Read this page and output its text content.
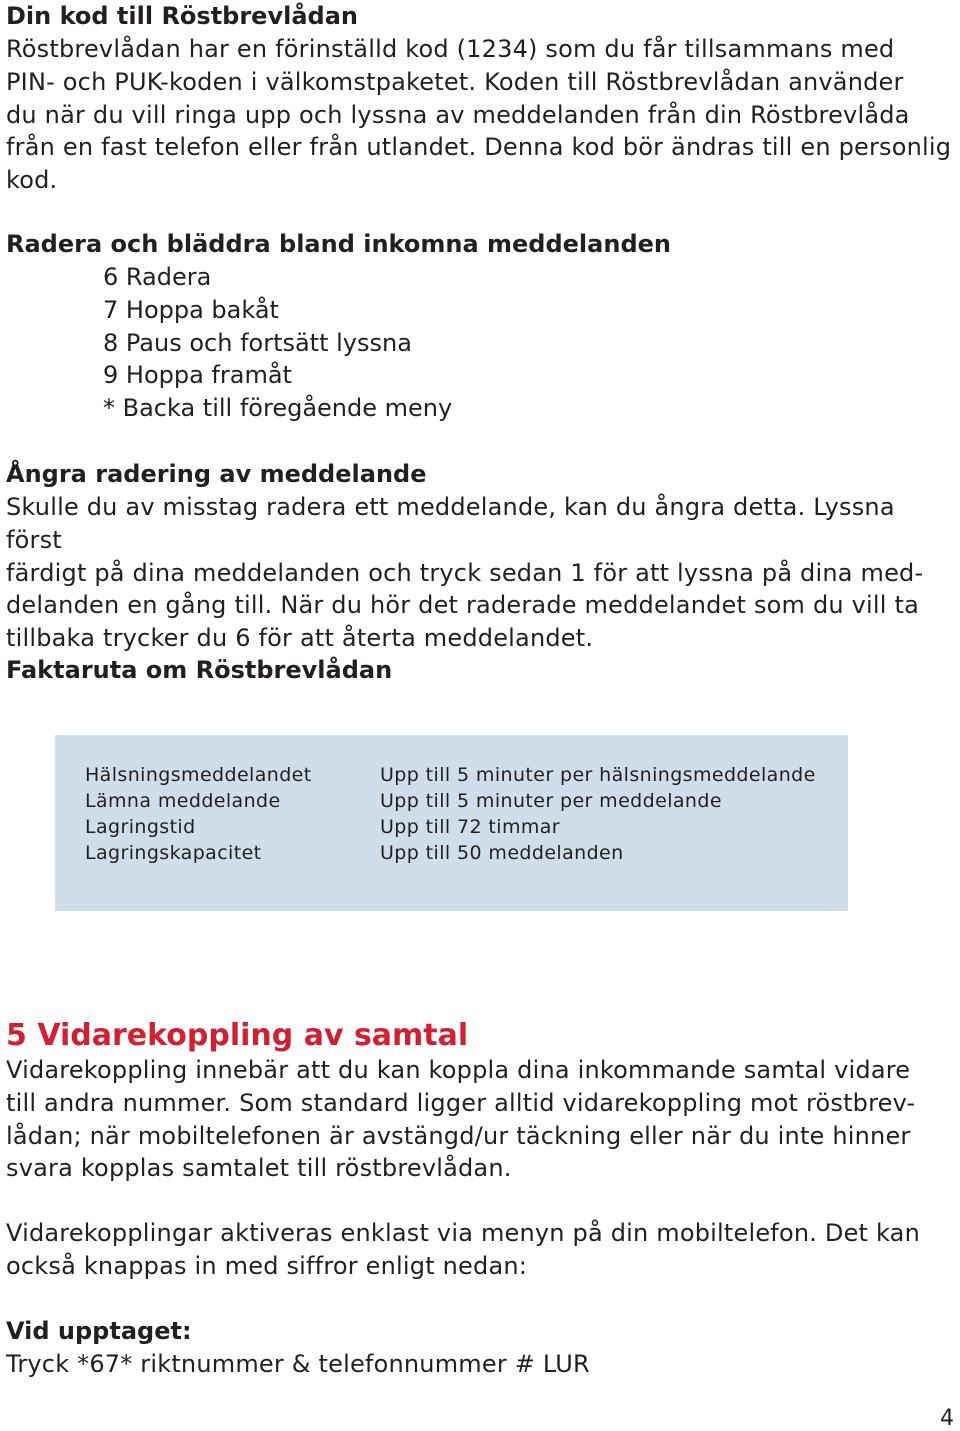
Din kod till Röstbrevlådan

Röstbrevlådan har en förinställd kod (1234) som du får tillsammans med

PIN- och PUK-koden i välkomstpaketet. Koden till Röstbrevlådan använder

du när du vill ringa upp och lyssna av meddelanden från din Röstbrevlåda

från en fast telefon eller från utlandet. Denna kod bör ändras till en personlig

kod.

Radera och bläddra bland inkomna meddelanden
6 Radera
7 Hoppa bakåt
8 Paus och fortsätt lyssna
9 Hoppa framåt
* Backa till föregående meny
Ångra radering av meddelande

Skulle du av misstag radera ett meddelande, kan du ångra detta. Lyssna först

färdigt på dina meddelanden och tryck sedan 1 för att lyssna på dina med-

delanden en gång till. När du hör det raderade meddelandet som du vill ta

tillbaka trycker du 6 för att återta meddelandet.

Faktaruta om Röstbrevlådan
Hälsningsmeddelandet	Upp till 5 minuter per hälsningsmeddelande
Lämna meddelande	Upp till 5 minuter per meddelande
Lagringstid	Upp till 72 timmar
Lagringskapacitet	Upp till 50 meddelanden
5 Vidarekoppling av samtal

Vidarekoppling innebär att du kan koppla dina inkommande samtal vidare

till andra nummer. Som standard ligger alltid vidarekoppling mot röstbrev-

lådan; när mobiltelefonen är avstängd/ur täckning eller när du inte hinner

svara kopplas samtalet till röstbrevlådan.

Vidarekopplingar aktiveras enklast via menyn på din mobiltelefon. Det kan

också knappas in med siffror enligt nedan:

Vid upptaget:

Tryck *67* riktnummer & telefonnummer # LUR

4
